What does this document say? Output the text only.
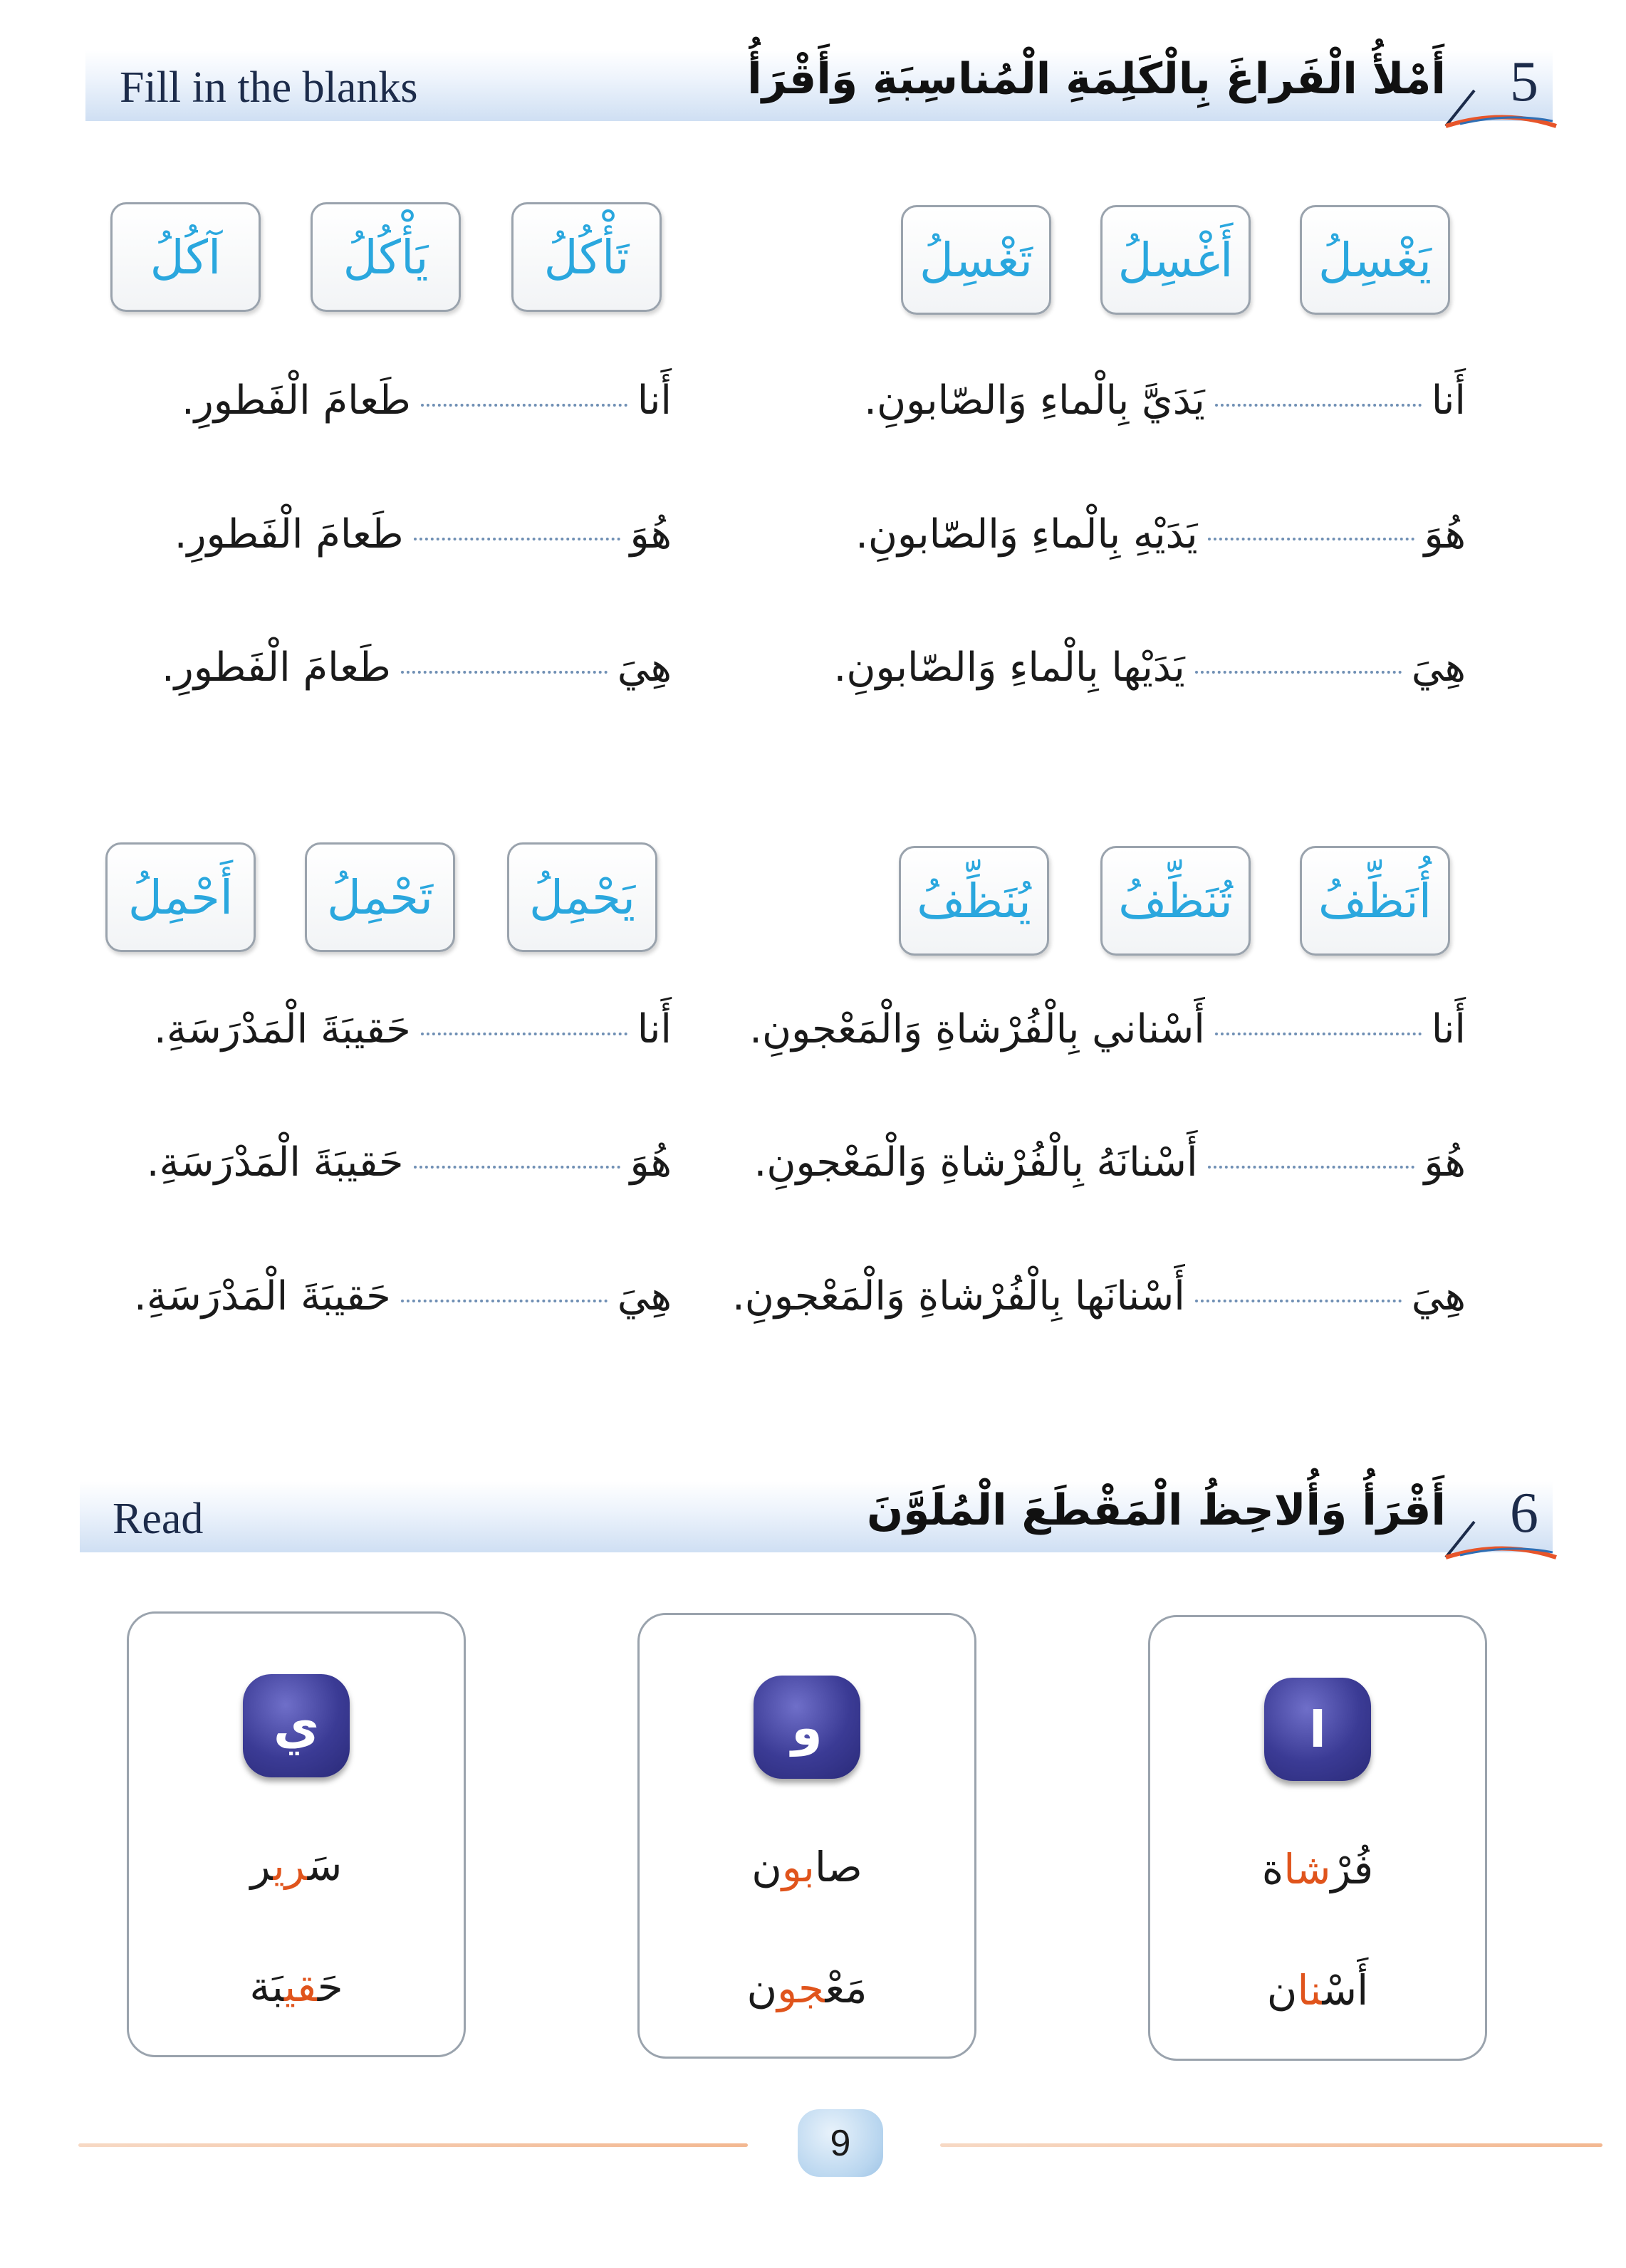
Fill in the blanks	أَمْلأُ الْفَراغَ بِالْكَلِمَةِ الْمُناسِبَةِ وَأَقْرَأُ 5
يَغْسِلُ
أَغْسِلُ
تَغْسِلُ
تَأْكُلُ
يَأْكُلُ
آكُلُ
أَنا
يَدَيَّ بِالْماءِ وَالصّابونِ.
هُوَ
يَدَيْهِ بِالْماءِ وَالصّابونِ.
هِيَ
يَدَيْها بِالْماءِ وَالصّابونِ.
أَنا
طَعامَ الْفَطورِ.
هُوَ
طَعامَ الْفَطورِ.
هِيَ
طَعامَ الْفَطورِ.
أُنَظِّفُ
تُنَظِّفُ
يُنَظِّفُ
يَحْمِلُ
تَحْمِلُ
أَحْمِلُ
أَنا
أَسْناني بِالْفُرْشاةِ وَالْمَعْجونِ.
هُوَ
أَسْنانَهُ بِالْفُرْشاةِ وَالْمَعْجونِ.
هِيَ
أَسْنانَها بِالْفُرْشاةِ وَالْمَعْجونِ.
أَنا
حَقيبَةَ الْمَدْرَسَةِ.
هُوَ
حَقيبَةَ الْمَدْرَسَةِ.
هِيَ
حَقيبَةَ الْمَدْرَسَةِ.
Read	أَقْرَأُ وَأُلاحِظُ الْمَقْطَعَ الْمُلَوَّنَ 6
ا
فُرْشاة
أَسْنان
و
صابون
مَعْجون
ي
سَرير
حَقيبَة
9
